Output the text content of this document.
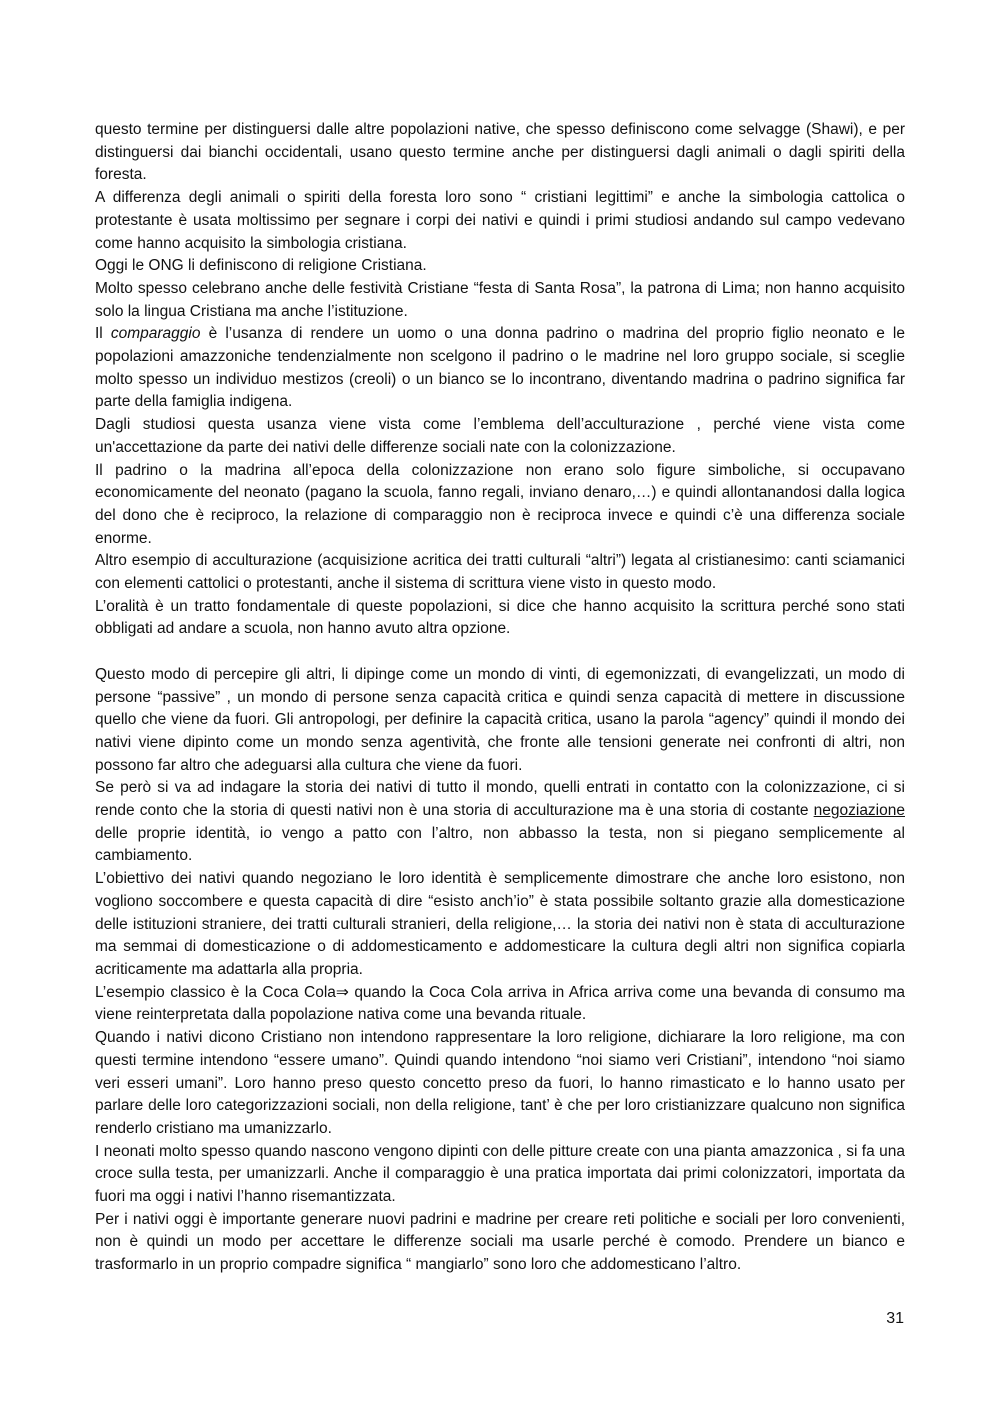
questo termine per distinguersi dalle altre popolazioni native, che spesso definiscono come selvagge (Shawi), e per distinguersi dai bianchi occidentali, usano questo termine anche per distinguersi dagli animali o dagli spiriti della foresta.

A differenza degli animali o spiriti della foresta loro sono “ cristiani legittimi” e anche la simbologia cattolica o protestante è usata moltissimo per segnare i corpi dei nativi e quindi i primi studiosi andando sul campo vedevano come hanno acquisito la simbologia cristiana.

Oggi le ONG li definiscono di religione Cristiana.

Molto spesso celebrano anche delle festività Cristiane “festa di Santa Rosa”, la patrona di Lima; non hanno acquisito solo la lingua Cristiana ma anche l’istituzione.

Il comparaggio è l’usanza di rendere un uomo o una donna padrino o madrina del proprio figlio neonato e le popolazioni amazzoniche tendenzialmente non scelgono il padrino o le madrine nel loro gruppo sociale, si sceglie molto spesso un individuo mestizos (creoli) o un bianco se lo incontrano, diventando madrina o padrino significa far parte della famiglia indigena.

Dagli studiosi questa usanza viene vista come l’emblema dell’acculturazione , perché viene vista come un'accettazione da parte dei nativi delle differenze sociali nate con la colonizzazione.

Il padrino o la madrina all’epoca della colonizzazione non erano solo figure simboliche, si occupavano economicamente del neonato (pagano la scuola, fanno regali, inviano denaro,…) e quindi allontanandosi dalla logica del dono che è reciproco, la relazione di comparaggio non è reciproca invece e quindi c’è una differenza sociale enorme.

Altro esempio di acculturazione (acquisizione acritica dei tratti culturali “altri”) legata al cristianesimo: canti sciamanici con elementi cattolici o protestanti, anche il sistema di scrittura viene visto in questo modo.

L’oralità è un tratto fondamentale di queste popolazioni, si dice che hanno acquisito la scrittura perché sono stati obbligati ad andare a scuola, non hanno avuto altra opzione.

Questo modo di percepire gli altri, li dipinge come un mondo di vinti, di egemonizzati, di evangelizzati, un modo di persone “passive” , un mondo di persone senza capacità critica e quindi senza capacità di mettere in discussione quello che viene da fuori. Gli antropologi, per definire la capacità critica, usano la parola “agency” quindi il mondo dei nativi viene dipinto come un mondo senza agentività, che fronte alle tensioni generate nei confronti di altri, non possono far altro che adeguarsi alla cultura che viene da fuori.

Se però si va ad indagare la storia dei nativi di tutto il mondo, quelli entrati in contatto con la colonizzazione, ci si rende conto che la storia di questi nativi non è una storia di acculturazione ma è una storia di costante negoziazione delle proprie identità, io vengo a patto con l’altro, non abbasso la testa, non si piegano semplicemente al cambiamento.

L’obiettivo dei nativi quando negoziano le loro identità è semplicemente dimostrare che anche loro esistono, non vogliono soccombere e questa capacità di dire “esisto anch’io” è stata possibile soltanto grazie alla domesticazione delle istituzioni straniere, dei tratti culturali stranieri, della religione,… la storia dei nativi non è stata di acculturazione ma semmai di domesticazione o di addomesticamento e addomesticare la cultura degli altri non significa copiarla acriticamente ma adattarla alla propria.

L’esempio classico è la Coca Cola⇒ quando la Coca Cola arriva in Africa arriva come una bevanda di consumo ma viene reinterpretata dalla popolazione nativa come una bevanda rituale.

Quando i nativi dicono Cristiano non intendono rappresentare la loro religione, dichiarare la loro religione, ma con questi termine intendono “essere umano”. Quindi quando intendono “noi siamo veri Cristiani”, intendono “noi siamo veri esseri umani”. Loro hanno preso questo concetto preso da fuori, lo hanno rimasticato e lo hanno usato per parlare delle loro categorizzazioni sociali, non della religione, tant’ è che per loro cristianizzare qualcuno non significa renderlo cristiano ma umanizzarlo.

I neonati molto spesso quando nascono vengono dipinti con delle pitture create con una pianta amazzonica , si fa una croce sulla testa, per umanizzarli. Anche il comparaggio è una pratica importata dai primi colonizzatori, importata da fuori ma oggi i nativi l’hanno risemantizzata.

Per i nativi oggi è importante generare nuovi padrini e madrine per creare reti politiche e sociali per loro convenienti, non è quindi un modo per accettare le differenze sociali ma usarle perché è comodo. Prendere un bianco e trasformarlo in un proprio compadre significa “ mangiarlo” sono loro che addomesticano l’altro.

31
